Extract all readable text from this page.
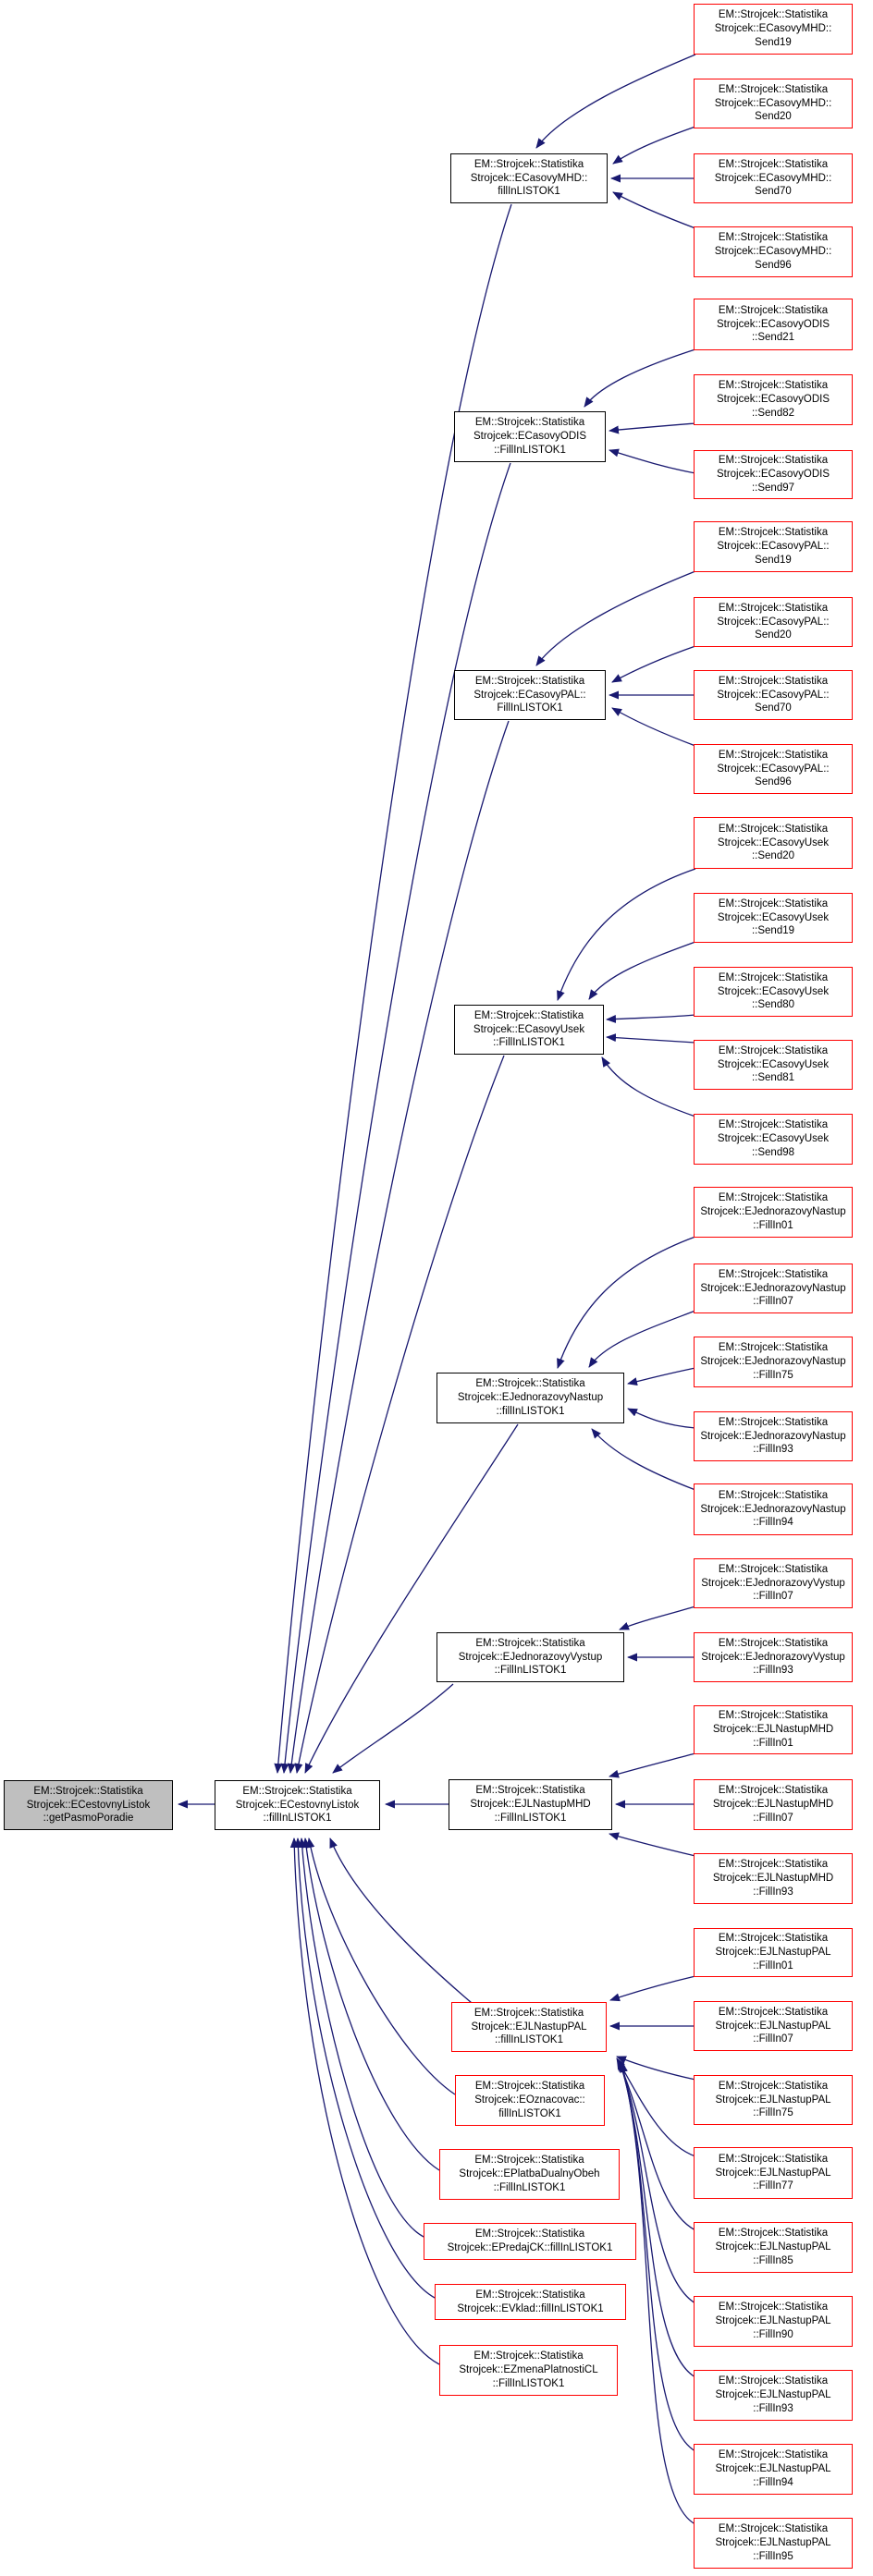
EM::Strojcek::Statistika
Strojcek::ECestovnyListok
::getPasmoPoradie
EM::Strojcek::Statistika
Strojcek::ECestovnyListok
::fillInLISTOK1
EM::Strojcek::Statistika
Strojcek::ECasovyMHD::
fillInLISTOK1
EM::Strojcek::Statistika
Strojcek::ECasovyODIS
::FillInLISTOK1
EM::Strojcek::Statistika
Strojcek::ECasovyPAL::
FillInLISTOK1
EM::Strojcek::Statistika
Strojcek::ECasovyUsek
::FillInLISTOK1
EM::Strojcek::Statistika
Strojcek::EJednorazovyNastup
::fillInLISTOK1
EM::Strojcek::Statistika
Strojcek::EJednorazovyVystup
::FillInLISTOK1
EM::Strojcek::Statistika
Strojcek::EJLNastupMHD
::FillInLISTOK1
EM::Strojcek::Statistika
Strojcek::EJLNastupPAL
::fillInLISTOK1
EM::Strojcek::Statistika
Strojcek::EOznacovac::
fillInLISTOK1
EM::Strojcek::Statistika
Strojcek::EPlatbaDualnyObeh
::FillInLISTOK1
EM::Strojcek::Statistika
Strojcek::EPredajCK::fillInLISTOK1
EM::Strojcek::Statistika
Strojcek::EVklad::fillInLISTOK1
EM::Strojcek::Statistika
Strojcek::EZmenaPlatnostiCL
::FillInLISTOK1
EM::Strojcek::Statistika
Strojcek::ECasovyMHD::
Send19
EM::Strojcek::Statistika
Strojcek::ECasovyMHD::
Send20
EM::Strojcek::Statistika
Strojcek::ECasovyMHD::
Send70
EM::Strojcek::Statistika
Strojcek::ECasovyMHD::
Send96
EM::Strojcek::Statistika
Strojcek::ECasovyODIS
::Send21
EM::Strojcek::Statistika
Strojcek::ECasovyODIS
::Send82
EM::Strojcek::Statistika
Strojcek::ECasovyODIS
::Send97
EM::Strojcek::Statistika
Strojcek::ECasovyPAL::
Send19
EM::Strojcek::Statistika
Strojcek::ECasovyPAL::
Send20
EM::Strojcek::Statistika
Strojcek::ECasovyPAL::
Send70
EM::Strojcek::Statistika
Strojcek::ECasovyPAL::
Send96
EM::Strojcek::Statistika
Strojcek::ECasovyUsek
::Send20
EM::Strojcek::Statistika
Strojcek::ECasovyUsek
::Send19
EM::Strojcek::Statistika
Strojcek::ECasovyUsek
::Send80
EM::Strojcek::Statistika
Strojcek::ECasovyUsek
::Send81
EM::Strojcek::Statistika
Strojcek::ECasovyUsek
::Send98
EM::Strojcek::Statistika
Strojcek::EJednorazovyNastup
::FillIn01
EM::Strojcek::Statistika
Strojcek::EJednorazovyNastup
::FillIn07
EM::Strojcek::Statistika
Strojcek::EJednorazovyNastup
::FillIn75
EM::Strojcek::Statistika
Strojcek::EJednorazovyNastup
::FillIn93
EM::Strojcek::Statistika
Strojcek::EJednorazovyNastup
::FillIn94
EM::Strojcek::Statistika
Strojcek::EJednorazovyVystup
::FillIn07
EM::Strojcek::Statistika
Strojcek::EJednorazovyVystup
::FillIn93
EM::Strojcek::Statistika
Strojcek::EJLNastupMHD
::FillIn01
EM::Strojcek::Statistika
Strojcek::EJLNastupMHD
::FillIn07
EM::Strojcek::Statistika
Strojcek::EJLNastupMHD
::FillIn93
EM::Strojcek::Statistika
Strojcek::EJLNastupPAL
::FillIn01
EM::Strojcek::Statistika
Strojcek::EJLNastupPAL
::FillIn07
EM::Strojcek::Statistika
Strojcek::EJLNastupPAL
::FillIn75
EM::Strojcek::Statistika
Strojcek::EJLNastupPAL
::FillIn77
EM::Strojcek::Statistika
Strojcek::EJLNastupPAL
::FillIn85
EM::Strojcek::Statistika
Strojcek::EJLNastupPAL
::FillIn90
EM::Strojcek::Statistika
Strojcek::EJLNastupPAL
::FillIn93
EM::Strojcek::Statistika
Strojcek::EJLNastupPAL
::FillIn94
EM::Strojcek::Statistika
Strojcek::EJLNastupPAL
::FillIn95
